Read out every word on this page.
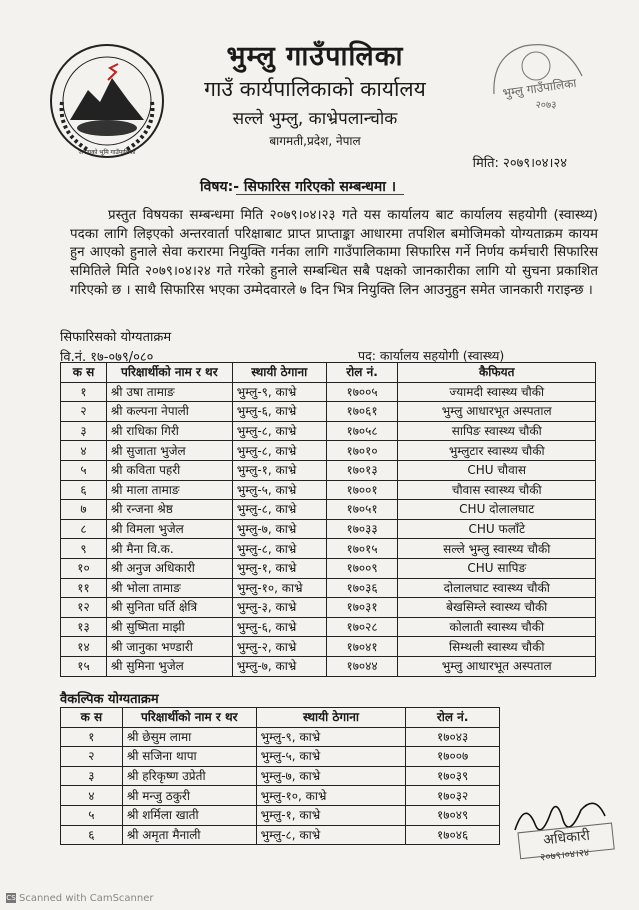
जनताको भूमि गाउँपालिका
भुम्लु गाउँपालिका
गाउँ कार्यपालिकाको कार्यालय
सल्ले भुम्लु, काभ्रेपलान्चोक
बागमती,प्रदेश, नेपाल
भुम्लु गाउँपालिका
२०७३
मिति: २०७९।०४।२४
विषय:- सिफारिस गरिएको सम्बन्धमा ।

प्रस्तुत विषयका सम्बन्धमा मिति २०७९।०४।२३ गते यस कार्यालय बाट कार्यालय सहयोगी (स्वास्थ्य) पदका लागि लिइएको अन्तरवार्ता परिक्षाबाट प्राप्त प्राप्ताङ्का आधारमा तपशिल बमोजिमको योग्यताक्रम कायम हुन आएको हुनाले सेवा करारमा नियुक्ति गर्नका लागि गाउँपालिकामा सिफारिस गर्ने निर्णय कर्मचारी सिफारिस समितिले मिति २०७९।०४।२४ गते गरेको हुनाले सम्बन्धित सबै पक्षको जानकारीका लागि यो सुचना प्रकाशित गरिएको छ । साथै सिफारिस भएका उम्मेदवारले ७ दिन भित्र नियुक्ति लिन आउनुहुन समेत जानकारी गराइन्छ ।

सिफारिसको योग्यताक्रम
वि.नं. १७-०७९/०८०	पद: कार्यालय सहयोगी (स्वास्थ्य)
क स	परिक्षार्थीको नाम र थर	स्थायी ठेगाना	रोल नं.	कैफियत
१	श्री उषा तामाङ	भुम्लु-९, काभ्रे	१७००५	ज्यामदी स्वास्थ्य चौकी
२	श्री कल्पना नेपाली	भुम्लु-६, काभ्रे	१७०६१	भुम्लु आधारभूत अस्पताल
३	श्री राधिका गिरी	भुम्लु-८, काभ्रे	१७०५८	सापिङ स्वास्थ्य चौकी
४	श्री सुजाता भुजेल	भुम्लु-८, काभ्रे	१७०१०	भुम्लुटार स्वास्थ्य चौकी
५	श्री कविता पहरी	भुम्लु-१, काभ्रे	१७०१३	CHU चौवास
६	श्री माला तामाङ	भुम्लु-५, काभ्रे	१७००१	चौवास स्वास्थ्य चौकी
७	श्री रन्जना श्रेष्ठ	भुम्लु-८, काभ्रे	१७०५१	CHU दोलालघाट
८	श्री विमला भुजेल	भुम्लु-७, काभ्रे	१७०३३	CHU फलाँटे
९	श्री मैना वि.क.	भुम्लु-८, काभ्रे	१७०१५	सल्ले भुम्लु स्वास्थ्य चौकी
१०	श्री अनुज अधिकारी	भुम्लु-१, काभ्रे	१७००९	CHU सापिङ
११	श्री भोला तामाङ	भुम्लु-१०, काभ्रे	१७०३६	दोलालघाट स्वास्थ्य चौकी
१२	श्री सुनिता घर्ति क्षेत्रि	भुम्लु-३, काभ्रे	१७०३१	बेखसिम्ले स्वास्थ्य चौकी
१३	श्री सुष्मिता माझी	भुम्लु-६, काभ्रे	१७०२८	कोलाती स्वास्थ्य चौकी
१४	श्री जानुका भण्डारी	भुम्लु-२, काभ्रे	१७०४१	सिम्थली स्वास्थ्य चौकी
१५	श्री सुमिना भुजेल	भुम्लु-७, काभ्रे	१७०४४	भुम्लु आधारभूत अस्पताल
वैकल्पिक योग्यताक्रम
क स	परिक्षार्थीको नाम र थर	स्थायी ठेगाना	रोल नं.
१	श्री छेसुम लामा	भुम्लु-९, काभ्रे	१७०४३
२	श्री सजिना थापा	भुम्लु-५, काभ्रे	१७००७
३	श्री हरिकृष्ण उप्रेती	भुम्लु-७, काभ्रे	१७०३९
४	श्री मन्जु ठकुरी	भुम्लु-१०, काभ्रे	१७०३२
५	श्री शर्मिला खाती	भुम्लु-१, काभ्रे	१७०४९
६	श्री अमृता मैनाली	भुम्लु-८, काभ्रे	१७०४६	अधिकारी
२०७९।०४।२४
CS Scanned with CamScanner
